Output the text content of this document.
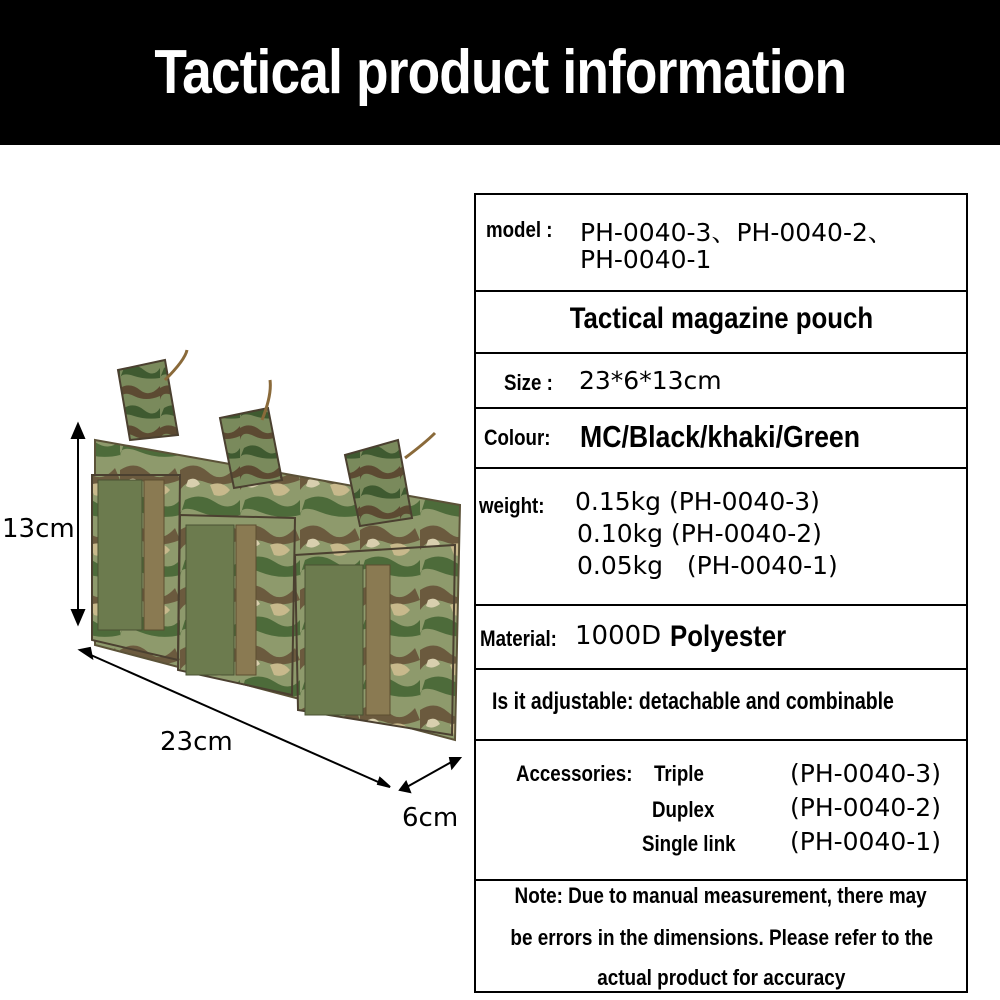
Tactical product information
13cm
23cm
6cm
model : PH-0040-3、PH-0040-2、
PH-0040-1
Tactical magazine pouch
Size : 23*6*13cm
Colour: MC/Black/khaki/Green
weight: 0.15kg (PH-0040-3)
0.10kg (PH-0040-2)
0.05kg   (PH-0040-1)
Material: 1000D Polyester
Is it adjustable: detachable and combinable
Accessories: Triple	(PH-0040-3)
Duplex	(PH-0040-2)
Single link (PH-0040-1)
Note: Due to manual measurement, there may
be errors in the dimensions. Please refer to the
actual product for accuracy
